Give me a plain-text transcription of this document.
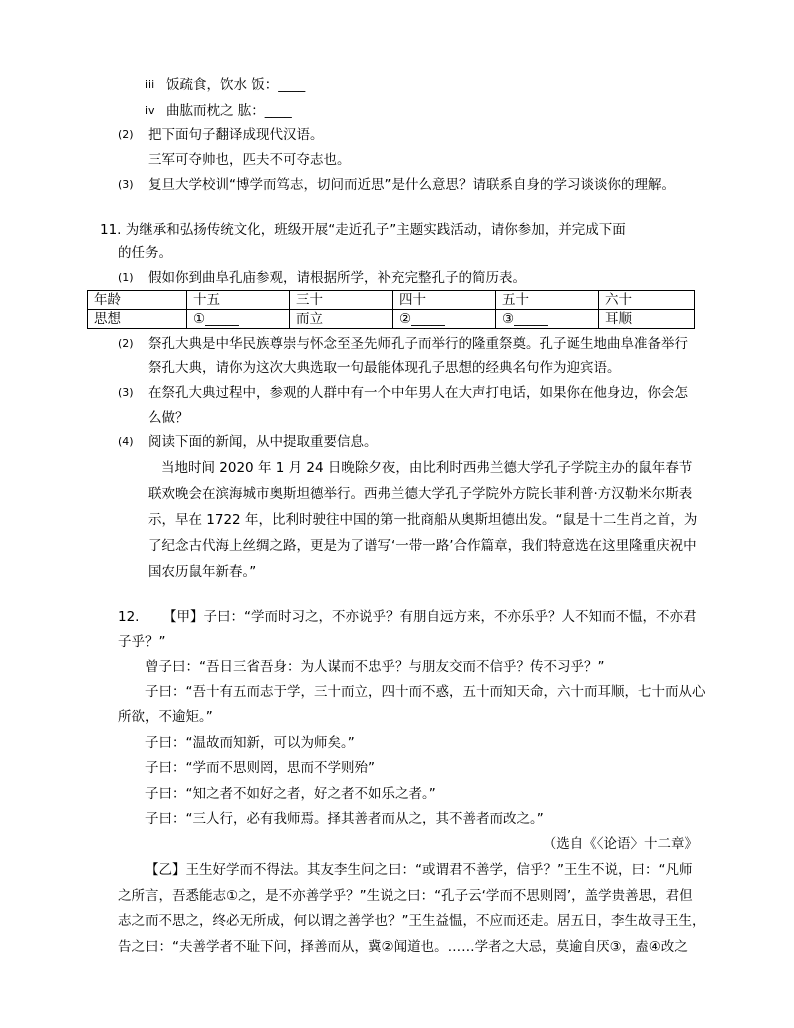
iii 饭疏食，饮水 饭：____
iv 曲肱而枕之 肱：____
(2) 把下面句子翻译成现代汉语。
三军可夺帅也，匹夫不可夺志也。
(3) 复旦大学校训“博学而笃志，切问而近思”是什么意思？请联系自身的学习谈谈你的理解。
11. 为继承和弘扬传统文化，班级开展“走近孔子”主题实践活动，请你参加，并完成下面
的任务。
(1) 假如你到曲阜孔庙参观，请根据所学，补充完整孔子的简历表。
年龄	十五	三十	四十	五十	六十
思想	①_____	而立	②_____	③_____	耳顺
(2) 祭孔大典是中华民族尊崇与怀念至圣先师孔子而举行的隆重祭奠。孔子诞生地曲阜准备举行
祭孔大典，请你为这次大典选取一句最能体现孔子思想的经典名句作为迎宾语。
(3) 在祭孔大典过程中，参观的人群中有一个中年男人在大声打电话，如果你在他身边，你会怎
么做？
(4) 阅读下面的新闻，从中提取重要信息。
当地时间 2020 年 1 月 24 日晚除夕夜，由比利时西弗兰德大学孔子学院主办的鼠年春节
联欢晚会在滨海城市奥斯坦德举行。西弗兰德大学孔子学院外方院长菲利普·方汉勒米尔斯表
示，早在 1722 年，比利时驶往中国的第一批商船从奥斯坦德出发。“鼠是十二生肖之首，为
了纪念古代海上丝绸之路，更是为了谱写‘一带一路’合作篇章，我们特意选在这里隆重庆祝中
国农历鼠年新春。”
12. 【甲】子曰：“学而时习之，不亦说乎？有朋自远方来，不亦乐乎？人不知而不愠，不亦君
子乎？”
曾子曰：“吾日三省吾身：为人谋而不忠乎？与朋友交而不信乎？传不习乎？”
子曰：“吾十有五而志于学，三十而立，四十而不惑，五十而知天命，六十而耳顺，七十而从心
所欲，不逾矩。”
子曰：“温故而知新，可以为师矣。”
子曰：“学而不思则罔，思而不学则殆”
子曰：“知之者不如好之者，好之者不如乐之者。”
子曰：“三人行，必有我师焉。择其善者而从之，其不善者而改之。”
（选自《〈论语〉十二章》
【乙】王生好学而不得法。其友李生问之曰：“或谓君不善学，信乎？”王生不说，曰：“凡师
之所言，吾悉能志①之，是不亦善学乎？”生说之曰：“孔子云‘学而不思则罔’，盖学贵善思，君但
志之而不思之，终必无所成，何以谓之善学也？”王生益愠，不应而还走。居五日，李生故寻王生，
告之曰：“夫善学者不耻下问，择善而从，冀②闻道也。……学者之大忌，莫逾自厌③，盍④改之
